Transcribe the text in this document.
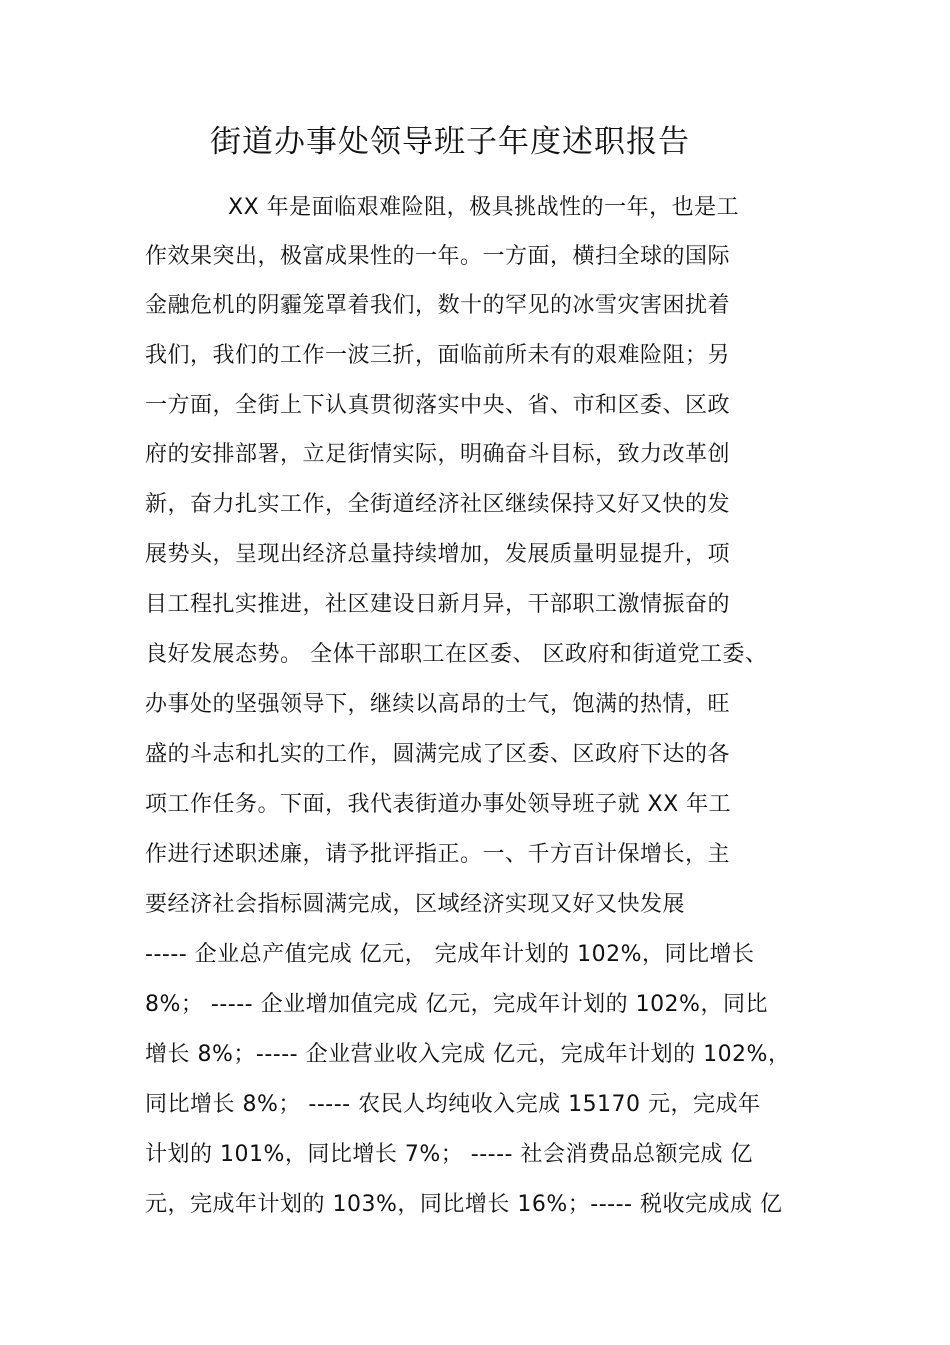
街道办事处领导班子年度述职报告
XX 年是面临艰难险阻，极具挑战性的一年，也是工
作效果突出，极富成果性的一年。一方面，横扫全球的国际
金融危机的阴霾笼罩着我们，数十的罕见的冰雪灾害困扰着
我们，我们的工作一波三折，面临前所未有的艰难险阻；另
一方面，全街上下认真贯彻落实中央、省、市和区委、区政
府的安排部署，立足街情实际，明确奋斗目标，致力改革创
新，奋力扎实工作，全街道经济社区继续保持又好又快的发
展势头，呈现出经济总量持续增加，发展质量明显提升，项
目工程扎实推进，社区建设日新月异，干部职工激情振奋的
良好发展态势。 全体干部职工在区委、 区政府和街道党工委、
办事处的坚强领导下，继续以高昂的士气，饱满的热情，旺
盛的斗志和扎实的工作，圆满完成了区委、区政府下达的各
项工作任务。下面，我代表街道办事处领导班子就 XX 年工
作进行述职述廉，请予批评指正。一、千方百计保增长，主
要经济社会指标圆满完成，区域经济实现又好又快发展
----- 企业总产值完成 亿元， 完成年计划的 102%，同比增长
8%； ----- 企业增加值完成 亿元，完成年计划的 102%，同比
增长 8%；----- 企业营业收入完成 亿元，完成年计划的 102%，
同比增长 8%； ----- 农民人均纯收入完成 15170 元，完成年
计划的 101%，同比增长 7%； ----- 社会消费品总额完成 亿
元，完成年计划的 103%，同比增长 16%；----- 税收完成成 亿
